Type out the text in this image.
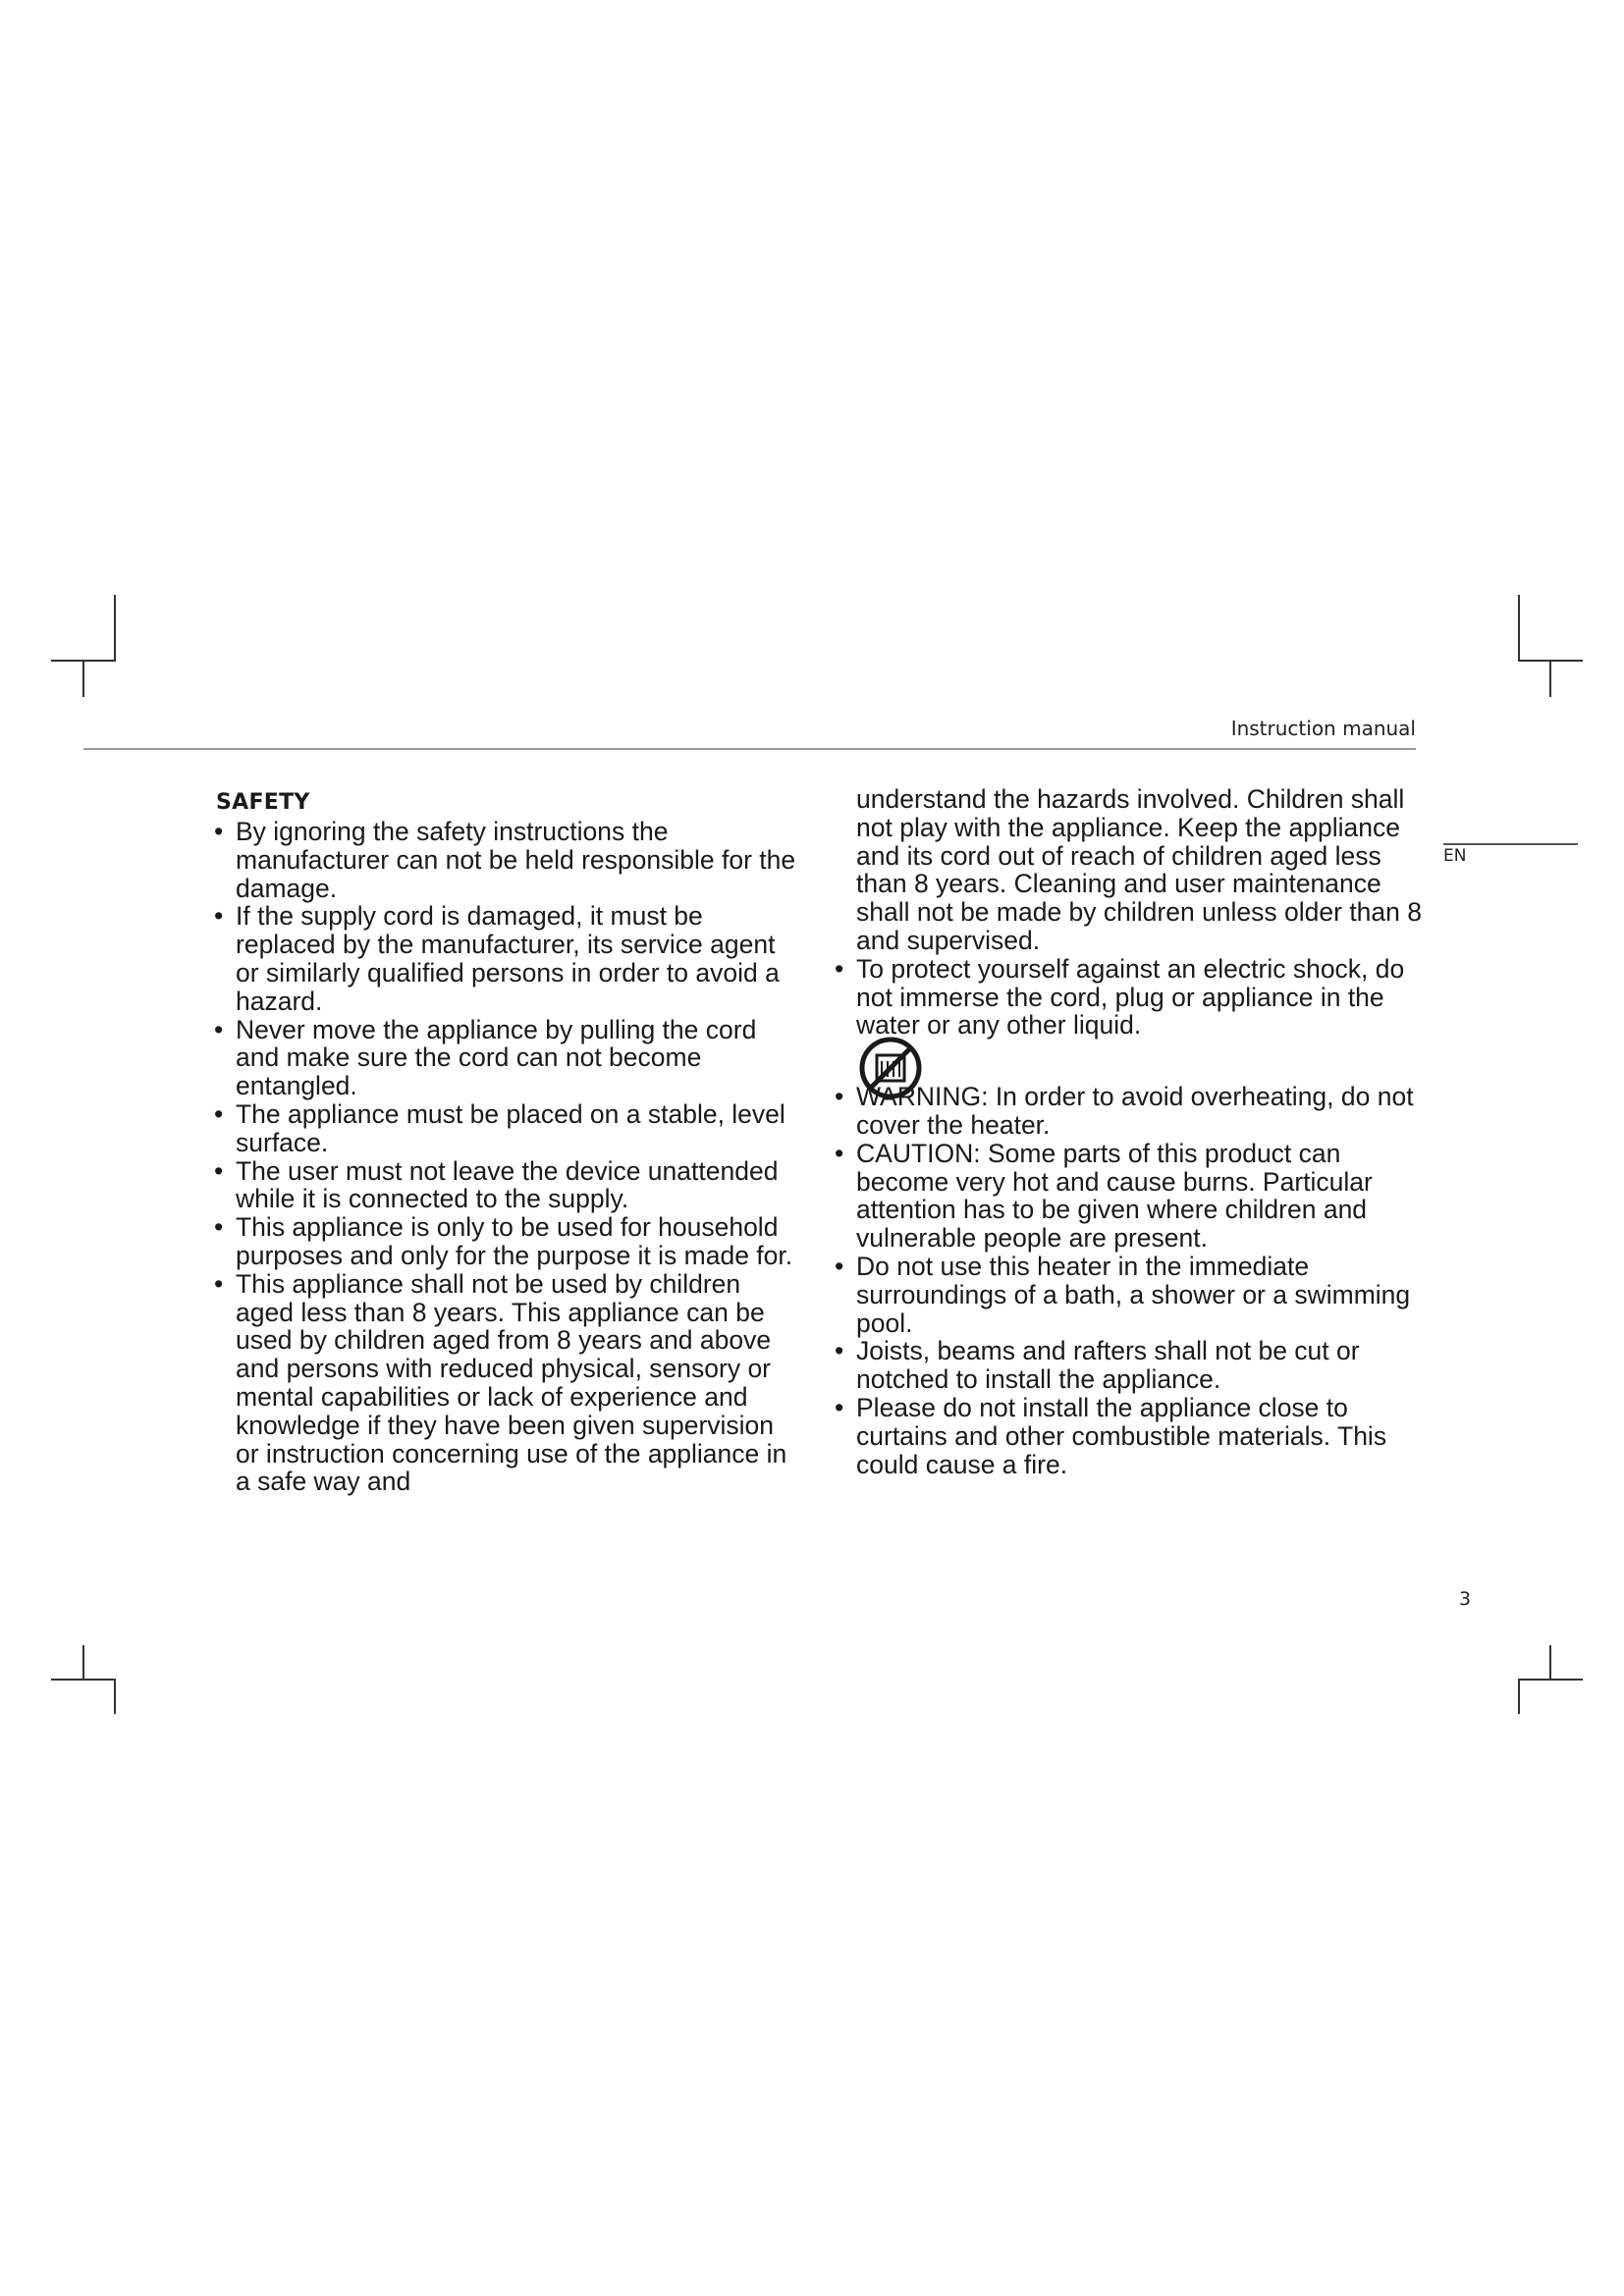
Instruction manual
EN
SAFETY
• By ignoring the safety instructions the manufacturer can not be held responsible for the damage.
• If the supply cord is damaged, it must be replaced by the manufacturer, its service agent or similarly qualified persons in order to avoid a hazard.
• Never move the appliance by pulling the cord and make sure the cord can not become entangled.
• The appliance must be placed on a stable, level surface.
• The user must not leave the device unattended while it is connected to the supply.
• This appliance is only to be used for household purposes and only for the purpose it is made for.
• This appliance shall not be used by children aged less than 8 years. This appliance can be used by children aged from 8 years and above and persons with reduced physical, sensory or mental capabilities or lack of experience and knowledge if they have been given supervision or instruction concerning use of the appliance in a safe way and
understand the hazards involved. Children shall not play with the appliance. Keep the appliance and its cord out of reach of children aged less than 8 years. Cleaning and user maintenance shall not be made by children unless older than 8 and supervised.
• To protect yourself against an electric shock, do not immerse the cord, plug or appliance in the water or any other liquid.
• WARNING: In order to avoid overheating, do not cover the heater.
• CAUTION: Some parts of this product can become very hot and cause burns. Particular attention has to be given where children and vulnerable people are present.
• Do not use this heater in the immediate surroundings of a bath, a shower or a swimming pool.
• Joists, beams and rafters shall not be cut or notched to install the appliance.
• Please do not install the appliance close to curtains and other combustible materials. This could cause a fire.
3
